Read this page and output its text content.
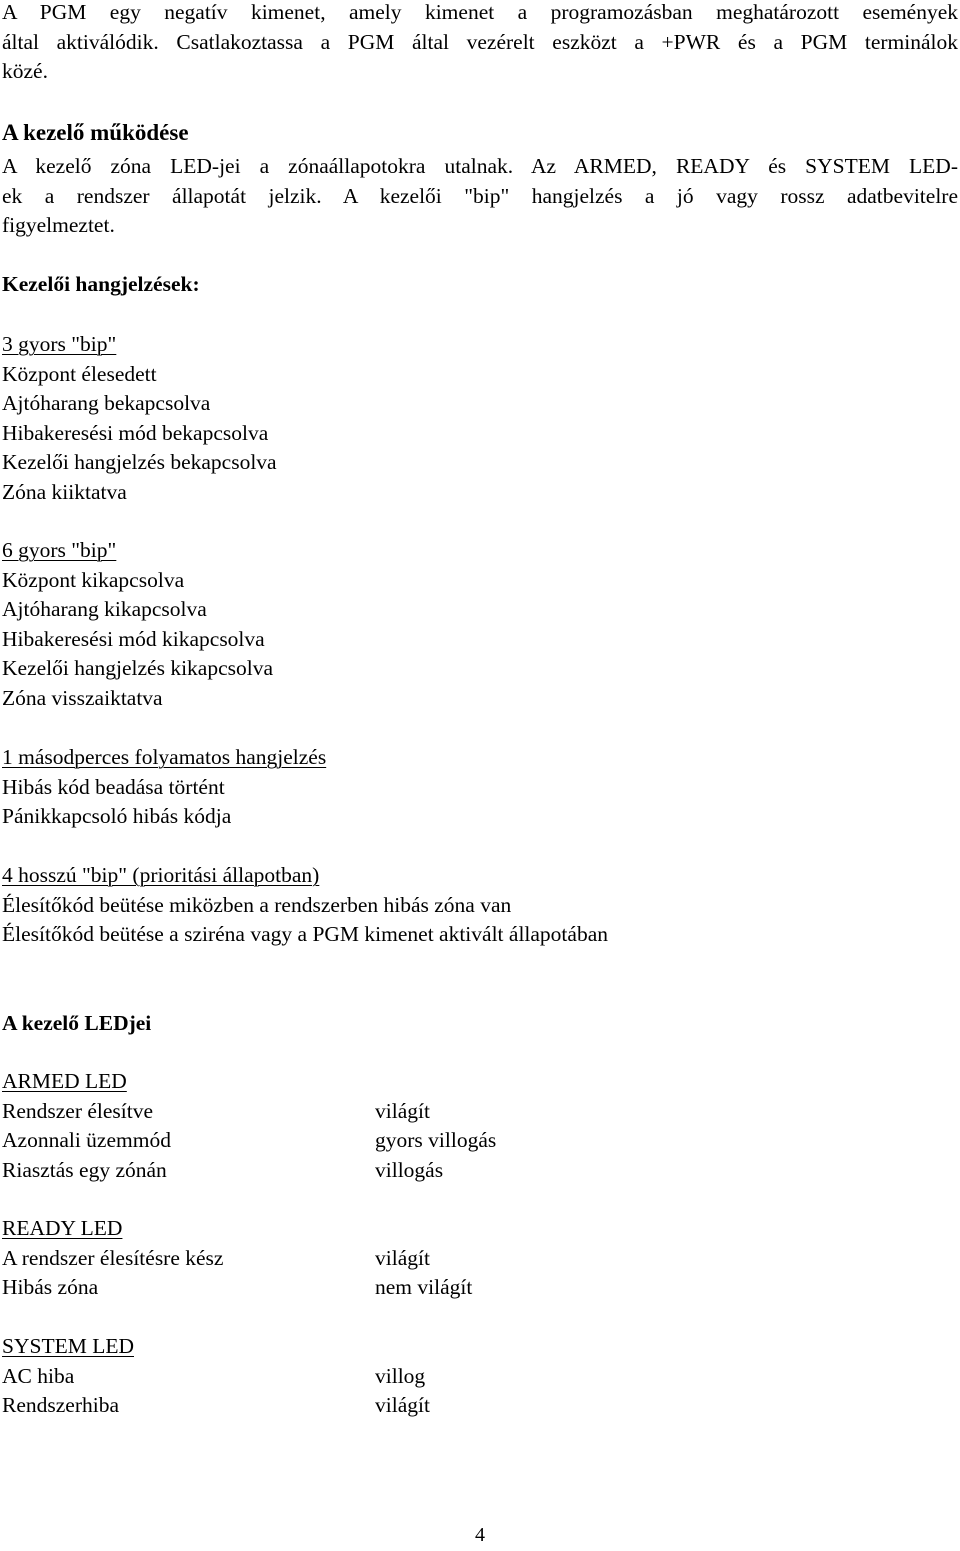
A PGM egy negatív kimenet, amely kimenet a programozásban meghatározott események
által aktiválódik. Csatlakoztassa a PGM által vezérelt eszközt a +PWR és a PGM terminálok
közé.
A kezelő működése
A kezelő zóna LED-jei a zónaállapotokra utalnak. Az ARMED, READY és SYSTEM LED-
ek a rendszer állapotát jelzik. A kezelői "bip" hangjelzés a jó vagy rossz adatbevitelre
figyelmeztet.
Kezelői hangjelzések:
3 gyors "bip"
Központ élesedett
Ajtóharang bekapcsolva
Hibakeresési mód bekapcsolva
Kezelői hangjelzés bekapcsolva
Zóna kiiktatva
6 gyors "bip"
Központ kikapcsolva
Ajtóharang kikapcsolva
Hibakeresési mód kikapcsolva
Kezelői hangjelzés kikapcsolva
Zóna visszaiktatva
1 másodperces folyamatos hangjelzés
Hibás kód beadása történt
Pánikkapcsoló hibás kódja
4 hosszú "bip" (prioritási állapotban)
Élesítőkód beütése miközben a rendszerben hibás zóna van
Élesítőkód beütése a sziréna vagy a PGM kimenet aktivált állapotában
A kezelő LEDjei
ARMED LED
Rendszer élesítve	világít
Azonnali üzemmód	gyors villogás
Riasztás egy zónán	villogás
READY LED
A rendszer élesítésre kész	világít
Hibás zóna	nem világít
SYSTEM LED
AC hiba	villog
Rendszerhiba	világít
4
